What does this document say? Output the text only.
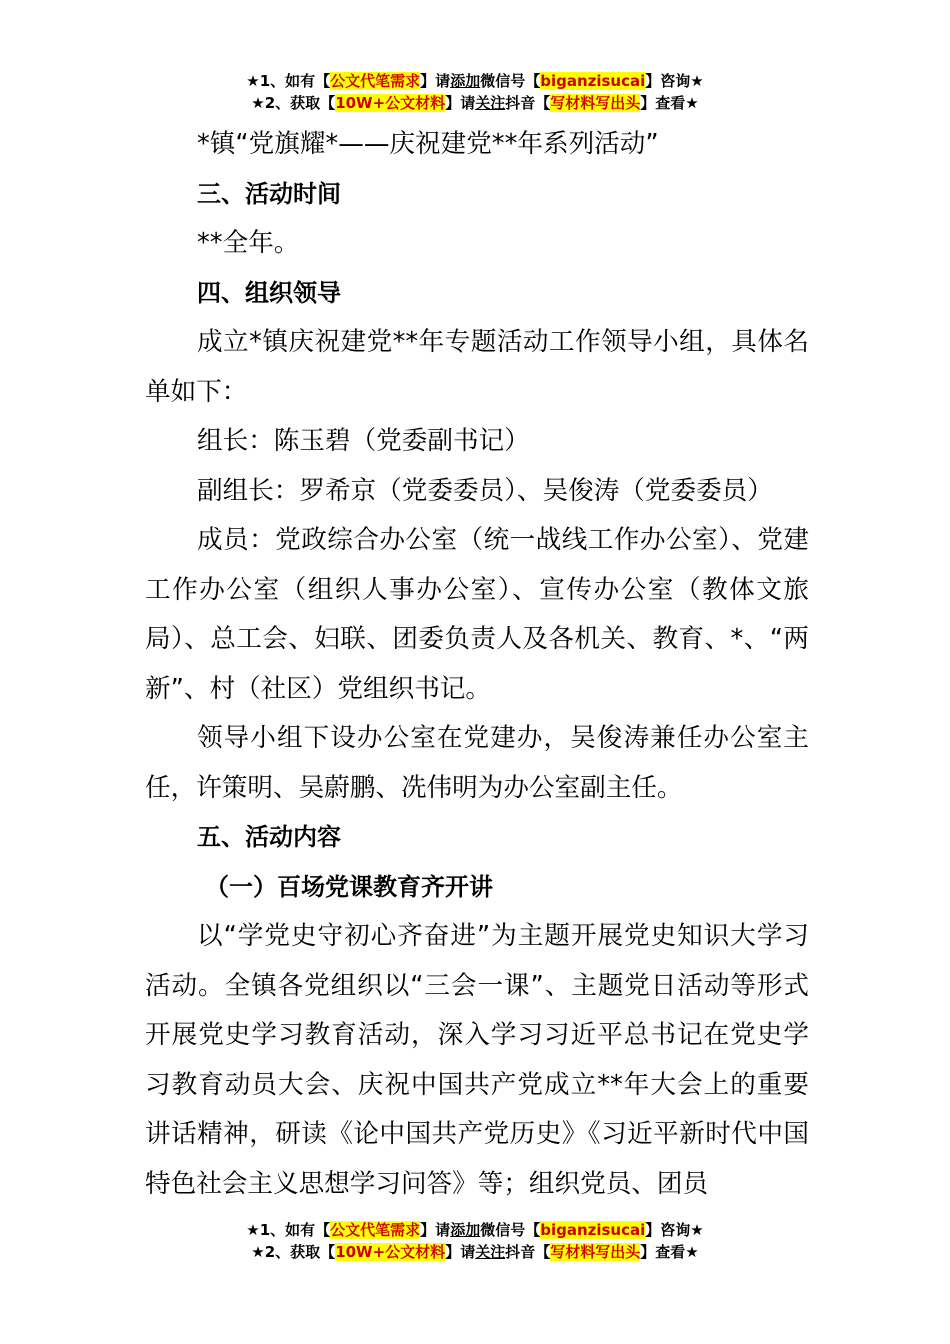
★1、如有【公文代笔需求】请添加微信号【biganzisucai】咨询★
★2、获取【10W+公文材料】请关注抖音【写材料写出头】查看★

*镇“党旗耀*——庆祝建党**年系列活动”

三、活动时间

**全年。

四、组织领导

成立*镇庆祝建党**年专题活动工作领导小组，具体名单如下：

组长：陈玉碧（党委副书记）

副组长：罗希京（党委委员）、吴俊涛（党委委员）

成员：党政综合办公室（统一战线工作办公室）、党建工作办公室（组织人事办公室）、宣传办公室（教体文旅局）、总工会、妇联、团委负责人及各机关、教育、*、“两新”、村（社区）党组织书记。

领导小组下设办公室在党建办，吴俊涛兼任办公室主任，许策明、吴蔚鹏、冼伟明为办公室副主任。

五、活动内容

（一）百场党课教育齐开讲

以“学党史守初心齐奋进”为主题开展党史知识大学习活动。全镇各党组织以“三会一课”、主题党日活动等形式开展党史学习教育活动，深入学习习近平总书记在党史学习教育动员大会、庆祝中国共产党成立**年大会上的重要讲话精神，研读《论中国共产党历史》《习近平新时代中国特色社会主义思想学习问答》等；组织党员、团员

★1、如有【公文代笔需求】请添加微信号【biganzisucai】咨询★
★2、获取【10W+公文材料】请关注抖音【写材料写出头】查看★
